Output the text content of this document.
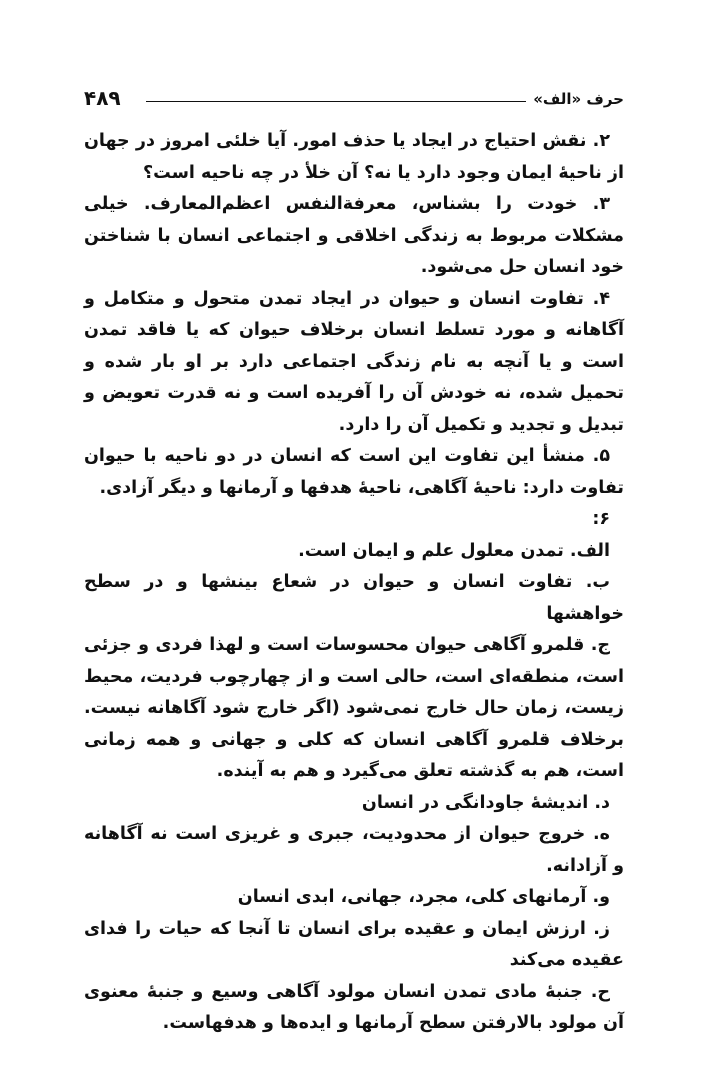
حرف «الف»
۴۸۹

۲. نقش احتیاج در ایجاد یا حذف امور. آیا خلئی امروز در جهان از ناحیهٔ ایمان وجود دارد یا نه؟ آن خلأ در چه ناحیه است؟

۳. خودت را بشناس، معرفةالنفس اعظم‌المعارف. خیلی مشکلات مربوط به زندگی اخلاقی و اجتماعی انسان با شناختن خود انسان حل می‌شود.

۴. تفاوت انسان و حیوان در ایجاد تمدن متحول و متکامل و آگاهانه و مورد تسلط انسان برخلاف حیوان که یا فاقد تمدن است و یا آنچه به نام زندگی اجتماعی دارد بر او بار شده و تحمیل شده، نه خودش آن را آفریده است و نه قدرت تعویض و تبدیل و تجدید و تکمیل آن را دارد.

۵. منشأ این تفاوت این است که انسان در دو ناحیه با حیوان تفاوت دارد: ناحیهٔ آگاهی، ناحیهٔ هدفها و آرمانها و دیگر آزادی.

۶:

الف. تمدن معلول علم و ایمان است.

ب. تفاوت انسان و حیوان در شعاع بینشها و در سطح خواهشها

ج. قلمرو آگاهی حیوان محسوسات است و لهذا فردی و جزئی است، منطقه‌ای است، حالی است و از چهارچوب فردیت، محیط زیست، زمان حال خارج نمی‌شود (اگر خارج شود آگاهانه نیست. برخلاف قلمرو آگاهی انسان که کلی و جهانی و همه زمانی است، هم به گذشته تعلق می‌گیرد و هم به آینده.

د. اندیشهٔ جاودانگی در انسان

ه. خروج حیوان از محدودیت، جبری و غریزی است نه آگاهانه و آزادانه.

و. آرمانهای کلی، مجرد، جهانی، ابدی انسان

ز. ارزش ایمان و عقیده برای انسان تا آنجا که حیات را فدای عقیده می‌کند

ح. جنبهٔ مادی تمدن انسان مولود آگاهی وسیع و جنبهٔ معنوی آن مولود بالارفتن سطح آرمانها و ایده‌ها و هدفهاست.
